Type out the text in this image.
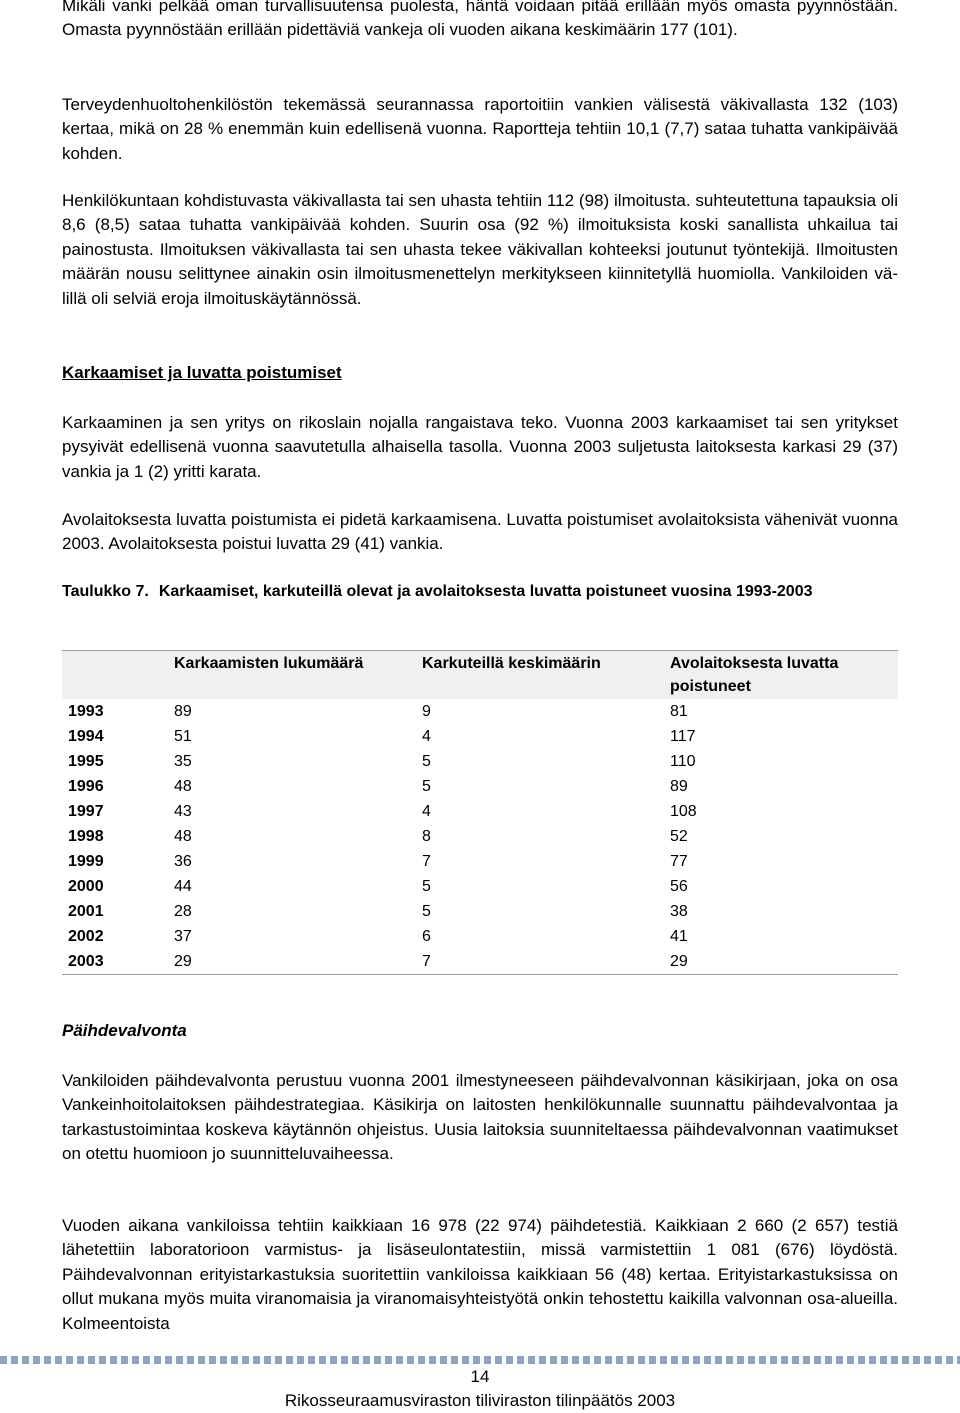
Mikäli vanki pelkää oman turvallisuutensa puolesta, häntä voidaan pitää erillään myös omasta pyynnöstään. Omasta pyynnöstään erillään pidettäviä vankeja oli vuoden aikana keskimäärin 177 (101).

Terveydenhuoltohenkilöstön tekemässä seurannassa raportoitiin vankien välisestä väkivallasta 132 (103) kertaa, mikä on 28 % enemmän kuin edellisenä vuonna. Raportteja tehtiin 10,1 (7,7) sataa tuhatta vankipäivää kohden.

Henkilökuntaan kohdistuvasta väkivallasta tai sen uhasta tehtiin 112 (98) ilmoitusta. suhteutettuna tapauksia oli 8,6 (8,5) sataa tuhatta vankipäivää kohden. Suurin osa (92 %) ilmoituksista koski sanallista uhkailua tai painostusta. Ilmoituksen väkivallasta tai sen uhasta tekee väkivallan kohteeksi joutunut työntekijä. Ilmoitusten määrän nousu selittynee ainakin osin ilmoitusmenettelyn merkitykseen kiinnitetyllä huomiolla. Vankiloiden välillä oli selviä eroja ilmoituskäytännössä.

Karkaamiset ja luvatta poistumiset

Karkaaminen ja sen yritys on rikoslain nojalla rangaistava teko. Vuonna 2003 karkaamiset tai sen yritykset pysyivät edellisenä vuonna saavutetulla alhaisella tasolla. Vuonna 2003 suljetusta laitoksesta karkasi 29 (37) vankia ja 1 (2) yritti karata.

Avolaitoksesta luvatta poistumista ei pidetä karkaamisena. Luvatta poistumiset avolaitoksista vähenivät vuonna 2003. Avolaitoksesta poistui luvatta 29 (41) vankia.

Taulukko 7. Karkaamiset, karkuteillä olevat ja avolaitoksesta luvatta poistuneet vuosina 1993-2003

	Karkaamisten lukumäärä	Karkuteillä keskimäärin	Avolaitoksesta luvatta poistuneet
1993	89	9	81
1994	51	4	117
1995	35	5	110
1996	48	5	89
1997	43	4	108
1998	48	8	52
1999	36	7	77
2000	44	5	56
2001	28	5	38
2002	37	6	41
2003	29	7	29
Päihdevalvonta

Vankiloiden päihdevalvonta perustuu vuonna 2001 ilmestyneeseen päihdevalvonnan käsikirjaan, joka on osa Vankeinhoitolaitoksen päihdestrategiaa. Käsikirja on laitosten henkilökunnalle suunnattu päihdevalvontaa ja tarkastustoimintaa koskeva käytännön ohjeistus. Uusia laitoksia suunniteltaessa päihdevalvonnan vaatimukset on otettu huomioon jo suunnitteluvaiheessa.

Vuoden aikana vankiloissa tehtiin kaikkiaan 16 978 (22 974) päihdetestiä. Kaikkiaan 2 660 (2 657) testiä lähetettiin laboratorioon varmistus- ja lisäseulontatestiin, missä varmistettiin 1 081 (676) löydöstä. Päihdevalvonnan erityistarkastuksia suoritettiin vankiloissa kaikkiaan 56 (48) kertaa. Erityistarkastuksissa on ollut mukana myös muita viranomaisia ja viranomaisyhteistyötä onkin tehostettu kaikilla valvonnan osa-alueilla. Kolmeentoista

14
Rikosseuraamusviraston tiliviraston tilinpäätös 2003
